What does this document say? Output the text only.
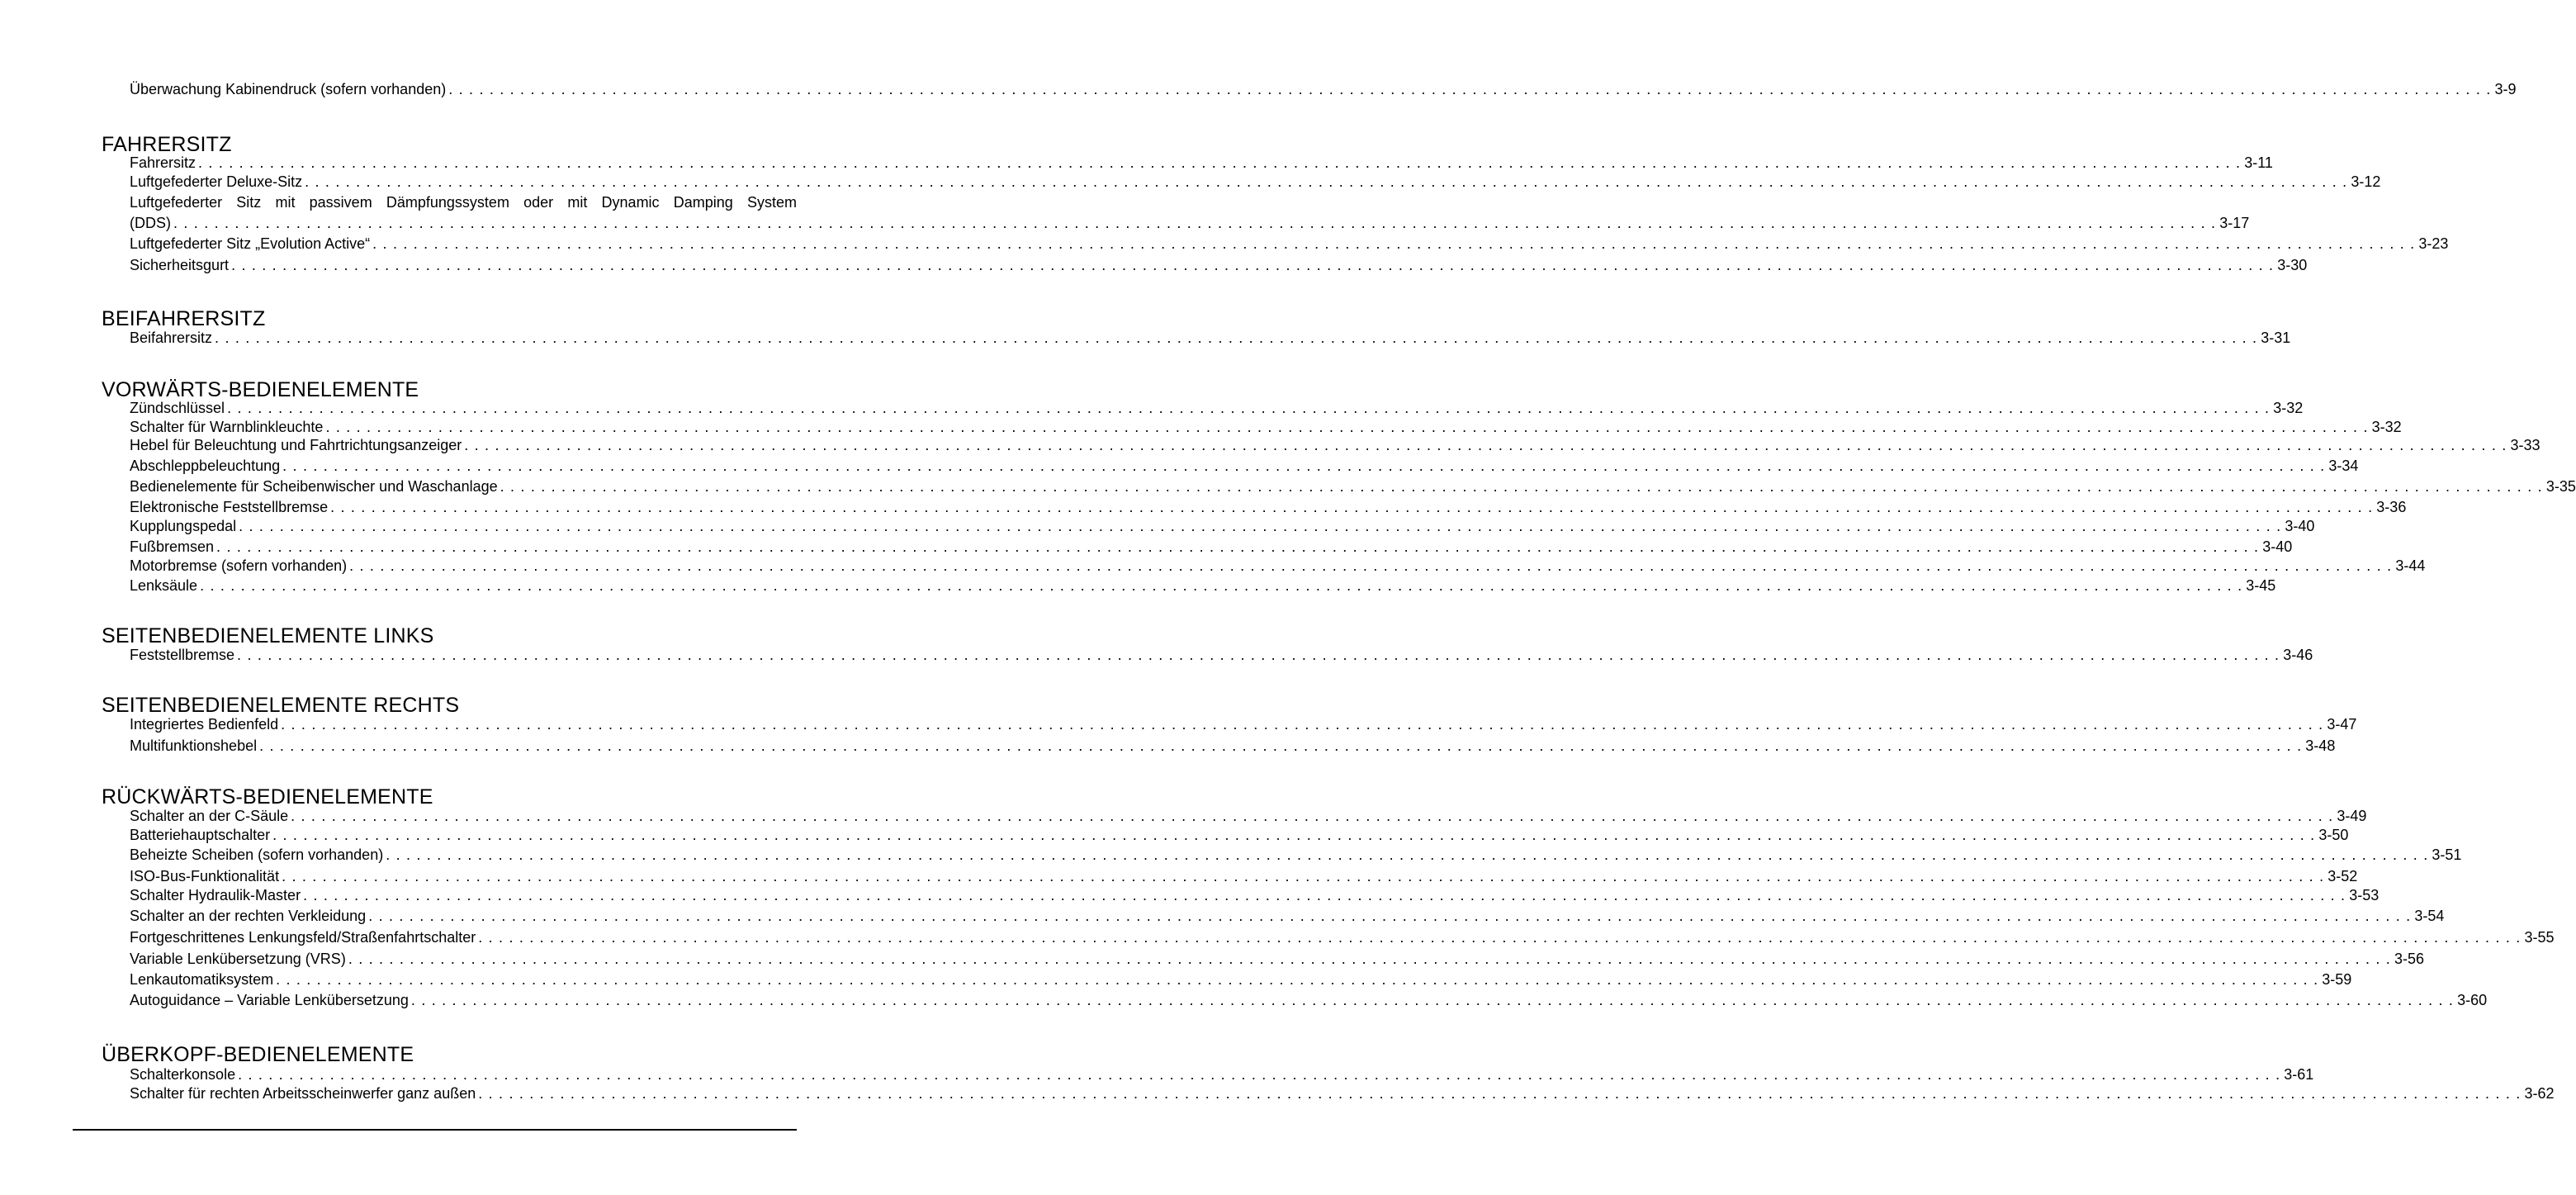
Überwachung Kabinendruck (sofern vorhanden) . . . . . . . . . . . . . . . . . . . . . . . . . . . . . . . . . . . . . . . . . . . . . . . . . . . . . . . . . . . . . . . . . . . . . . . . . . . . . . . . . . . . . . . . . . . . . . . . . . . . . . . . . . . . . . . . . . . . . . . . . . . . . . . . . . . . . . . . . . . . . . . . . . . . . . . . . . . . . . . . . . . . . . . . . . . . . . . . . . . . . . . . . . . . . . . . . . . . . . . . 3-9
FAHRERSITZ
Fahrersitz . . . . . . . . . . . . . . . . . . . . . . . . . . . . . . . . . . . . . . . . . . . . . . . . . . . . . . . . . . . . . . . . . . . . . . . . . . . . . . . . . . . . . . . . . . . . . . . . . . . . . . . . . . . . . . . . . . . . . . . . . . . . . . . . . . . . . . . . . . . . . . . . . . . . . . . . . . . . . . . . . . . . . . . . . . . . . . . . . . . . . . . . . . . . . . . . . . . . . . . . 3-11
Luftgefederter Deluxe-Sitz . . . . . . . . . . . . . . . . . . . . . . . . . . . . . . . . . . . . . . . . . . . . . . . . . . . . . . . . . . . . . . . . . . . . . . . . . . . . . . . . . . . . . . . . . . . . . . . . . . . . . . . . . . . . . . . . . . . . . . . . . . . . . . . . . . . . . . . . . . . . . . . . . . . . . . . . . . . . . . . . . . . . . . . . . . . . . . . . . . . . . . . . . . . . . . . . . . . . . . . . 3-12
Luftgefederter Sitz mit passivem Dämpfungssystem oder mit Dynamic Damping System
(DDS) . . . . . . . . . . . . . . . . . . . . . . . . . . . . . . . . . . . . . . . . . . . . . . . . . . . . . . . . . . . . . . . . . . . . . . . . . . . . . . . . . . . . . . . . . . . . . . . . . . . . . . . . . . . . . . . . . . . . . . . . . . . . . . . . . . . . . . . . . . . . . . . . . . . . . . . . . . . . . . . . . . . . . . . . . . . . . . . . . . . . . . . . . . . . . . . . . . . . . . . . 3-17
Luftgefederter Sitz „Evolution Active“ . . . . . . . . . . . . . . . . . . . . . . . . . . . . . . . . . . . . . . . . . . . . . . . . . . . . . . . . . . . . . . . . . . . . . . . . . . . . . . . . . . . . . . . . . . . . . . . . . . . . . . . . . . . . . . . . . . . . . . . . . . . . . . . . . . . . . . . . . . . . . . . . . . . . . . . . . . . . . . . . . . . . . . . . . . . . . . . . . . . . . . . . . . . . . . . . . . . . . . . . 3-23
Sicherheitsgurt . . . . . . . . . . . . . . . . . . . . . . . . . . . . . . . . . . . . . . . . . . . . . . . . . . . . . . . . . . . . . . . . . . . . . . . . . . . . . . . . . . . . . . . . . . . . . . . . . . . . . . . . . . . . . . . . . . . . . . . . . . . . . . . . . . . . . . . . . . . . . . . . . . . . . . . . . . . . . . . . . . . . . . . . . . . . . . . . . . . . . . . . . . . . . . . . . . . . . . . . 3-30
BEIFAHRERSITZ
Beifahrersitz . . . . . . . . . . . . . . . . . . . . . . . . . . . . . . . . . . . . . . . . . . . . . . . . . . . . . . . . . . . . . . . . . . . . . . . . . . . . . . . . . . . . . . . . . . . . . . . . . . . . . . . . . . . . . . . . . . . . . . . . . . . . . . . . . . . . . . . . . . . . . . . . . . . . . . . . . . . . . . . . . . . . . . . . . . . . . . . . . . . . . . . . . . . . . . . . . . . . . . . . 3-31
VORWÄRTS-BEDIENELEMENTE
Zündschlüssel . . . . . . . . . . . . . . . . . . . . . . . . . . . . . . . . . . . . . . . . . . . . . . . . . . . . . . . . . . . . . . . . . . . . . . . . . . . . . . . . . . . . . . . . . . . . . . . . . . . . . . . . . . . . . . . . . . . . . . . . . . . . . . . . . . . . . . . . . . . . . . . . . . . . . . . . . . . . . . . . . . . . . . . . . . . . . . . . . . . . . . . . . . . . . . . . . . . . . . . . 3-32
Schalter für Warnblinkleuchte . . . . . . . . . . . . . . . . . . . . . . . . . . . . . . . . . . . . . . . . . . . . . . . . . . . . . . . . . . . . . . . . . . . . . . . . . . . . . . . . . . . . . . . . . . . . . . . . . . . . . . . . . . . . . . . . . . . . . . . . . . . . . . . . . . . . . . . . . . . . . . . . . . . . . . . . . . . . . . . . . . . . . . . . . . . . . . . . . . . . . . . . . . . . . . . . . . . . . . . . 3-32
Hebel für Beleuchtung und Fahrtrichtungsanzeiger . . . . . . . . . . . . . . . . . . . . . . . . . . . . . . . . . . . . . . . . . . . . . . . . . . . . . . . . . . . . . . . . . . . . . . . . . . . . . . . . . . . . . . . . . . . . . . . . . . . . . . . . . . . . . . . . . . . . . . . . . . . . . . . . . . . . . . . . . . . . . . . . . . . . . . . . . . . . . . . . . . . . . . . . . . . . . . . . . . . . . . . . . . . . . . . . . . . . . . . . 3-33
Abschleppbeleuchtung . . . . . . . . . . . . . . . . . . . . . . . . . . . . . . . . . . . . . . . . . . . . . . . . . . . . . . . . . . . . . . . . . . . . . . . . . . . . . . . . . . . . . . . . . . . . . . . . . . . . . . . . . . . . . . . . . . . . . . . . . . . . . . . . . . . . . . . . . . . . . . . . . . . . . . . . . . . . . . . . . . . . . . . . . . . . . . . . . . . . . . . . . . . . . . . . . . . . . . . . 3-34
Bedienelemente für Scheibenwischer und Waschanlage . . . . . . . . . . . . . . . . . . . . . . . . . . . . . . . . . . . . . . . . . . . . . . . . . . . . . . . . . . . . . . . . . . . . . . . . . . . . . . . . . . . . . . . . . . . . . . . . . . . . . . . . . . . . . . . . . . . . . . . . . . . . . . . . . . . . . . . . . . . . . . . . . . . . . . . . . . . . . . . . . . . . . . . . . . . . . . . . . . . . . . . . . . . . . . . . . . . . . . . . 3-35
Elektronische Feststellbremse . . . . . . . . . . . . . . . . . . . . . . . . . . . . . . . . . . . . . . . . . . . . . . . . . . . . . . . . . . . . . . . . . . . . . . . . . . . . . . . . . . . . . . . . . . . . . . . . . . . . . . . . . . . . . . . . . . . . . . . . . . . . . . . . . . . . . . . . . . . . . . . . . . . . . . . . . . . . . . . . . . . . . . . . . . . . . . . . . . . . . . . . . . . . . . . . . . . . . . . . 3-36
Kupplungspedal . . . . . . . . . . . . . . . . . . . . . . . . . . . . . . . . . . . . . . . . . . . . . . . . . . . . . . . . . . . . . . . . . . . . . . . . . . . . . . . . . . . . . . . . . . . . . . . . . . . . . . . . . . . . . . . . . . . . . . . . . . . . . . . . . . . . . . . . . . . . . . . . . . . . . . . . . . . . . . . . . . . . . . . . . . . . . . . . . . . . . . . . . . . . . . . . . . . . . . . . 3-40
Fußbremsen . . . . . . . . . . . . . . . . . . . . . . . . . . . . . . . . . . . . . . . . . . . . . . . . . . . . . . . . . . . . . . . . . . . . . . . . . . . . . . . . . . . . . . . . . . . . . . . . . . . . . . . . . . . . . . . . . . . . . . . . . . . . . . . . . . . . . . . . . . . . . . . . . . . . . . . . . . . . . . . . . . . . . . . . . . . . . . . . . . . . . . . . . . . . . . . . . . . . . . . . 3-40
Motorbremse (sofern vorhanden) . . . . . . . . . . . . . . . . . . . . . . . . . . . . . . . . . . . . . . . . . . . . . . . . . . . . . . . . . . . . . . . . . . . . . . . . . . . . . . . . . . . . . . . . . . . . . . . . . . . . . . . . . . . . . . . . . . . . . . . . . . . . . . . . . . . . . . . . . . . . . . . . . . . . . . . . . . . . . . . . . . . . . . . . . . . . . . . . . . . . . . . . . . . . . . . . . . . . . . . . 3-44
Lenksäule . . . . . . . . . . . . . . . . . . . . . . . . . . . . . . . . . . . . . . . . . . . . . . . . . . . . . . . . . . . . . . . . . . . . . . . . . . . . . . . . . . . . . . . . . . . . . . . . . . . . . . . . . . . . . . . . . . . . . . . . . . . . . . . . . . . . . . . . . . . . . . . . . . . . . . . . . . . . . . . . . . . . . . . . . . . . . . . . . . . . . . . . . . . . . . . . . . . . . . . . 3-45
SEITENBEDIENELEMENTE LINKS
Feststellbremse . . . . . . . . . . . . . . . . . . . . . . . . . . . . . . . . . . . . . . . . . . . . . . . . . . . . . . . . . . . . . . . . . . . . . . . . . . . . . . . . . . . . . . . . . . . . . . . . . . . . . . . . . . . . . . . . . . . . . . . . . . . . . . . . . . . . . . . . . . . . . . . . . . . . . . . . . . . . . . . . . . . . . . . . . . . . . . . . . . . . . . . . . . . . . . . . . . . . . . . . 3-46
SEITENBEDIENELEMENTE RECHTS
Integriertes Bedienfeld . . . . . . . . . . . . . . . . . . . . . . . . . . . . . . . . . . . . . . . . . . . . . . . . . . . . . . . . . . . . . . . . . . . . . . . . . . . . . . . . . . . . . . . . . . . . . . . . . . . . . . . . . . . . . . . . . . . . . . . . . . . . . . . . . . . . . . . . . . . . . . . . . . . . . . . . . . . . . . . . . . . . . . . . . . . . . . . . . . . . . . . . . . . . . . . . . . . . . . . . 3-47
Multifunktionshebel . . . . . . . . . . . . . . . . . . . . . . . . . . . . . . . . . . . . . . . . . . . . . . . . . . . . . . . . . . . . . . . . . . . . . . . . . . . . . . . . . . . . . . . . . . . . . . . . . . . . . . . . . . . . . . . . . . . . . . . . . . . . . . . . . . . . . . . . . . . . . . . . . . . . . . . . . . . . . . . . . . . . . . . . . . . . . . . . . . . . . . . . . . . . . . . . . . . . . . . . 3-48
RÜCKWÄRTS-BEDIENELEMENTE
Schalter an der C-Säule . . . . . . . . . . . . . . . . . . . . . . . . . . . . . . . . . . . . . . . . . . . . . . . . . . . . . . . . . . . . . . . . . . . . . . . . . . . . . . . . . . . . . . . . . . . . . . . . . . . . . . . . . . . . . . . . . . . . . . . . . . . . . . . . . . . . . . . . . . . . . . . . . . . . . . . . . . . . . . . . . . . . . . . . . . . . . . . . . . . . . . . . . . . . . . . . . . . . . . . . 3-49
Batteriehauptschalter . . . . . . . . . . . . . . . . . . . . . . . . . . . . . . . . . . . . . . . . . . . . . . . . . . . . . . . . . . . . . . . . . . . . . . . . . . . . . . . . . . . . . . . . . . . . . . . . . . . . . . . . . . . . . . . . . . . . . . . . . . . . . . . . . . . . . . . . . . . . . . . . . . . . . . . . . . . . . . . . . . . . . . . . . . . . . . . . . . . . . . . . . . . . . . . . . . . . . . . . 3-50
Beheizte Scheiben (sofern vorhanden) . . . . . . . . . . . . . . . . . . . . . . . . . . . . . . . . . . . . . . . . . . . . . . . . . . . . . . . . . . . . . . . . . . . . . . . . . . . . . . . . . . . . . . . . . . . . . . . . . . . . . . . . . . . . . . . . . . . . . . . . . . . . . . . . . . . . . . . . . . . . . . . . . . . . . . . . . . . . . . . . . . . . . . . . . . . . . . . . . . . . . . . . . . . . . . . . . . . . . . . . 3-51
ISO-Bus-Funktionalität . . . . . . . . . . . . . . . . . . . . . . . . . . . . . . . . . . . . . . . . . . . . . . . . . . . . . . . . . . . . . . . . . . . . . . . . . . . . . . . . . . . . . . . . . . . . . . . . . . . . . . . . . . . . . . . . . . . . . . . . . . . . . . . . . . . . . . . . . . . . . . . . . . . . . . . . . . . . . . . . . . . . . . . . . . . . . . . . . . . . . . . . . . . . . . . . . . . . . . . . 3-52
Schalter Hydraulik-Master . . . . . . . . . . . . . . . . . . . . . . . . . . . . . . . . . . . . . . . . . . . . . . . . . . . . . . . . . . . . . . . . . . . . . . . . . . . . . . . . . . . . . . . . . . . . . . . . . . . . . . . . . . . . . . . . . . . . . . . . . . . . . . . . . . . . . . . . . . . . . . . . . . . . . . . . . . . . . . . . . . . . . . . . . . . . . . . . . . . . . . . . . . . . . . . . . . . . . . . . 3-53
Schalter an der rechten Verkleidung . . . . . . . . . . . . . . . . . . . . . . . . . . . . . . . . . . . . . . . . . . . . . . . . . . . . . . . . . . . . . . . . . . . . . . . . . . . . . . . . . . . . . . . . . . . . . . . . . . . . . . . . . . . . . . . . . . . . . . . . . . . . . . . . . . . . . . . . . . . . . . . . . . . . . . . . . . . . . . . . . . . . . . . . . . . . . . . . . . . . . . . . . . . . . . . . . . . . . . . . 3-54
Fortgeschrittenes Lenkungsfeld/Straßenfahrtschalter . . . . . . . . . . . . . . . . . . . . . . . . . . . . . . . . . . . . . . . . . . . . . . . . . . . . . . . . . . . . . . . . . . . . . . . . . . . . . . . . . . . . . . . . . . . . . . . . . . . . . . . . . . . . . . . . . . . . . . . . . . . . . . . . . . . . . . . . . . . . . . . . . . . . . . . . . . . . . . . . . . . . . . . . . . . . . . . . . . . . . . . . . . . . . . . . . . . . . . . . 3-55
Variable Lenkübersetzung (VRS) . . . . . . . . . . . . . . . . . . . . . . . . . . . . . . . . . . . . . . . . . . . . . . . . . . . . . . . . . . . . . . . . . . . . . . . . . . . . . . . . . . . . . . . . . . . . . . . . . . . . . . . . . . . . . . . . . . . . . . . . . . . . . . . . . . . . . . . . . . . . . . . . . . . . . . . . . . . . . . . . . . . . . . . . . . . . . . . . . . . . . . . . . . . . . . . . . . . . . . . . 3-56
Lenkautomatiksystem . . . . . . . . . . . . . . . . . . . . . . . . . . . . . . . . . . . . . . . . . . . . . . . . . . . . . . . . . . . . . . . . . . . . . . . . . . . . . . . . . . . . . . . . . . . . . . . . . . . . . . . . . . . . . . . . . . . . . . . . . . . . . . . . . . . . . . . . . . . . . . . . . . . . . . . . . . . . . . . . . . . . . . . . . . . . . . . . . . . . . . . . . . . . . . . . . . . . . . . . 3-59
Autoguidance – Variable Lenkübersetzung . . . . . . . . . . . . . . . . . . . . . . . . . . . . . . . . . . . . . . . . . . . . . . . . . . . . . . . . . . . . . . . . . . . . . . . . . . . . . . . . . . . . . . . . . . . . . . . . . . . . . . . . . . . . . . . . . . . . . . . . . . . . . . . . . . . . . . . . . . . . . . . . . . . . . . . . . . . . . . . . . . . . . . . . . . . . . . . . . . . . . . . . . . . . . . . . . . . . . . . . 3-60
ÜBERKOPF-BEDIENELEMENTE
Schalterkonsole . . . . . . . . . . . . . . . . . . . . . . . . . . . . . . . . . . . . . . . . . . . . . . . . . . . . . . . . . . . . . . . . . . . . . . . . . . . . . . . . . . . . . . . . . . . . . . . . . . . . . . . . . . . . . . . . . . . . . . . . . . . . . . . . . . . . . . . . . . . . . . . . . . . . . . . . . . . . . . . . . . . . . . . . . . . . . . . . . . . . . . . . . . . . . . . . . . . . . . . . 3-61
Schalter für rechten Arbeitsscheinwerfer ganz außen . . . . . . . . . . . . . . . . . . . . . . . . . . . . . . . . . . . . . . . . . . . . . . . . . . . . . . . . . . . . . . . . . . . . . . . . . . . . . . . . . . . . . . . . . . . . . . . . . . . . . . . . . . . . . . . . . . . . . . . . . . . . . . . . . . . . . . . . . . . . . . . . . . . . . . . . . . . . . . . . . . . . . . . . . . . . . . . . . . . . . . . . . . . . . . . . . . . . . . . . 3-62
